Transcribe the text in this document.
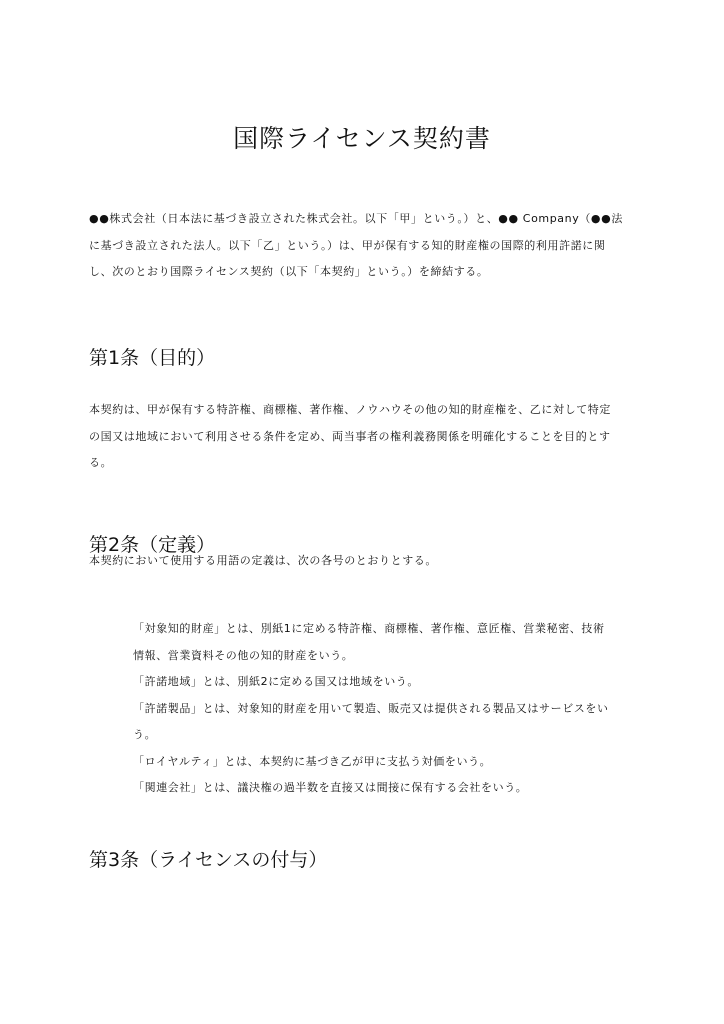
国際ライセンス契約書
●●株式会社（日本法に基づき設立された株式会社。以下「甲」という。）と、●● Company（●●法
に基づき設立された法人。以下「乙」という。）は、甲が保有する知的財産権の国際的利用許諾に関
し、次のとおり国際ライセンス契約（以下「本契約」という。）を締結する。
第1条（目的）
本契約は、甲が保有する特許権、商標権、著作権、ノウハウその他の知的財産権を、乙に対して特定
の国又は地域において利用させる条件を定め、両当事者の権利義務関係を明確化することを目的とす
る。
第2条（定義）
本契約において使用する用語の定義は、次の各号のとおりとする。
「対象知的財産」とは、別紙1に定める特許権、商標権、著作権、意匠権、営業秘密、技術
情報、営業資料その他の知的財産をいう。
「許諾地域」とは、別紙2に定める国又は地域をいう。
「許諾製品」とは、対象知的財産を用いて製造、販売又は提供される製品又はサービスをい
う。
「ロイヤルティ」とは、本契約に基づき乙が甲に支払う対価をいう。
「関連会社」とは、議決権の過半数を直接又は間接に保有する会社をいう。
第3条（ライセンスの付与）
